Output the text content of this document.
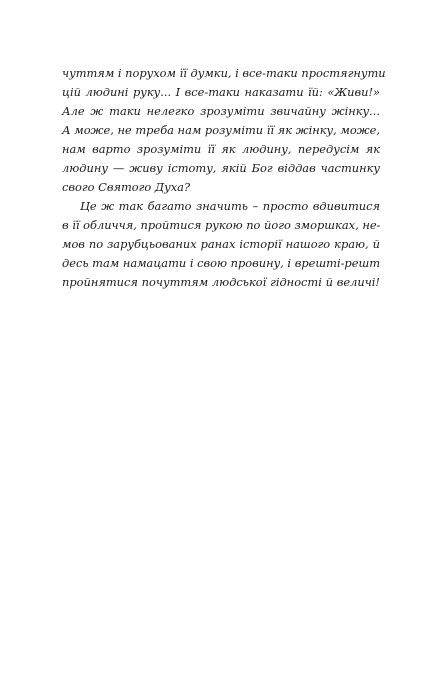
чуттям і порухом її думки, і все-таки простягнути
цій людині руку... І все-таки наказати їй: «Живи!»
Але ж таки нелегко зрозуміти звичайну жінку...
А може, не треба нам розуміти її як жінку, може,
нам варто зрозуміти її як людину, передусім як
людину — живу істоту, якій Бог віддав частинку
свого Святого Духа?
Це ж так багато значить – просто вдивитися
в її обличчя, пройтися рукою по його зморшках, не-
мов по зарубцьованих ранах історії нашого краю, й
десь там намацати і свою провину, і врешті-решт
пройнятися почуттям людської гідності й величі!
